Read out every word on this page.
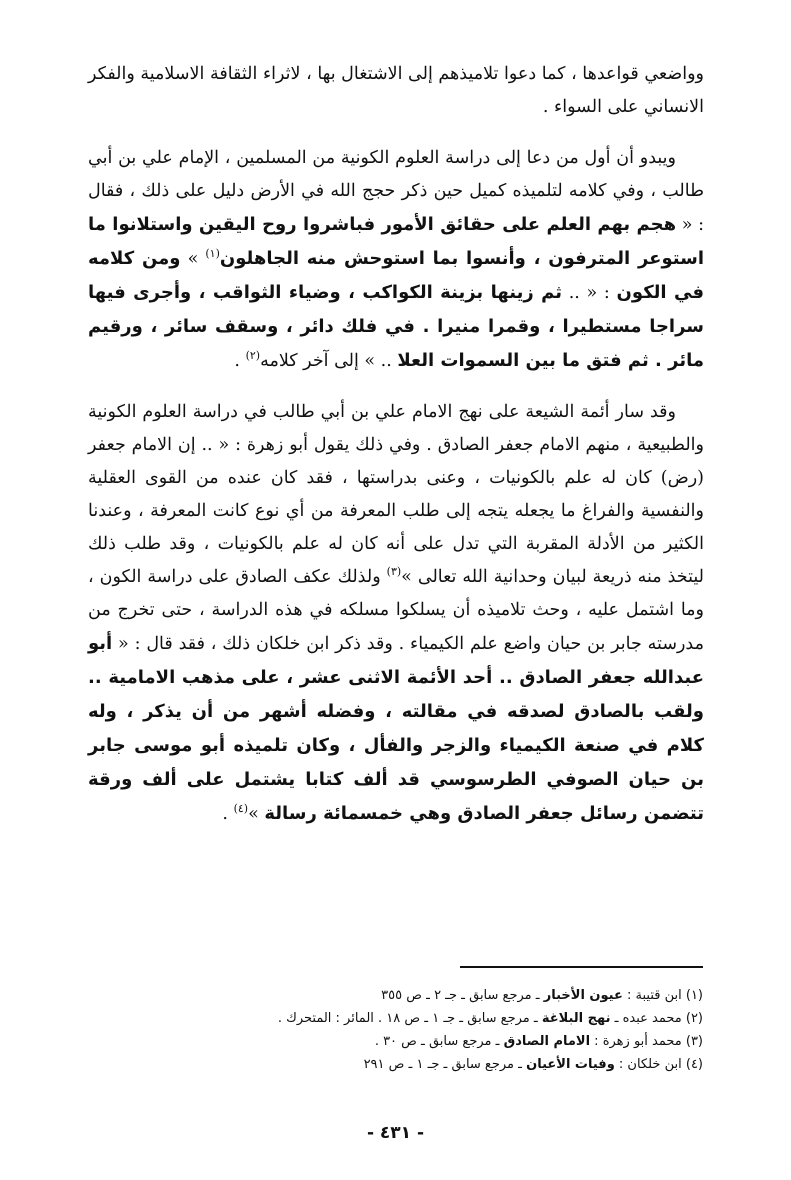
وواضعي قواعدها ، كما دعوا تلاميذهم إلى الاشتغال بها ، لاثراء الثقافة الاسلامية والفكر الانساني على السواء .

ويبدو أن أول من دعا إلى دراسة العلوم الكونية من المسلمين ، الإمام علي بن أبي طالب ، وفي كلامه لتلميذه كميل حين ذكر حجج الله في الأرض دليل على ذلك ، فقال : « هجم بهم العلم على حقائق الأمور فباشروا روح اليقين واستلانوا ما استوعر المترفون ، وأنسوا بما استوحش منه الجاهلون$^{(١)}$ » ومن كلامه في الكون : « .. ثم زينها بزينة الكواكب ، وضياء الثواقب ، وأجرى فيها سراجا مستطيرا ، وقمرا منيرا . في فلك دائر ، وسقف سائر ، ورقيم مائر . ثم فتق ما بين السموات العلا .. » إلى آخر كلامه$^{(٢)}$ .

وقد سار أئمة الشيعة على نهج الامام علي بن أبي طالب في دراسة العلوم الكونية والطبيعية ، منهم الامام جعفر الصادق . وفي ذلك يقول أبو زهرة : « .. إن الامام جعفر (رض) كان له علم بالكونيات ، وعنى بدراستها ، فقد كان عنده من القوى العقلية والنفسية والفراغ ما يجعله يتجه إلى طلب المعرفة من أي نوع كانت المعرفة ، وعندنا الكثير من الأدلة المقربة التي تدل على أنه كان له علم بالكونيات ، وقد طلب ذلك ليتخذ منه ذريعة لبيان وحدانية الله تعالى »$^{(٣)}$ ولذلك عكف الصادق على دراسة الكون ، وما اشتمل عليه ، وحث تلاميذه أن يسلكوا مسلكه في هذه الدراسة ، حتى تخرج من مدرسته جابر بن حيان واضع علم الكيمياء . وقد ذكر ابن خلكان ذلك ، فقد قال : « أبو عبدالله جعفر الصادق .. أحد الأئمة الاثنى عشر ، على مذهب الامامية .. ولقب بالصادق لصدقه في مقالته ، وفضله أشهر من أن يذكر ، وله كلام في صنعة الكيمياء والزجر والفأل ، وكان تلميذه أبو موسى جابر بن حيان الصوفي الطرسوسي قد ألف كتابا يشتمل على ألف ورقة تتضمن رسائل جعفر الصادق وهي خمسمائة رسالة »$^{(٤)}$ .

(١) ابن قتيبة : عيون الأخبار ـ مرجع سابق ـ جـ ٢ ـ ص ٣٥٥

(٢) محمد عبده ـ نهج البلاغة ـ مرجع سابق ـ جـ ١ ـ ص ١٨ . المائر : المتحرك .

(٣) محمد أبو زهرة : الامام الصادق ـ مرجع سابق ـ ص ٣٠ .

(٤) ابن خلكان : وفيات الأعيان ـ مرجع سابق ـ جـ ١ ـ ص ٢٩١

- ٤٣١ -
